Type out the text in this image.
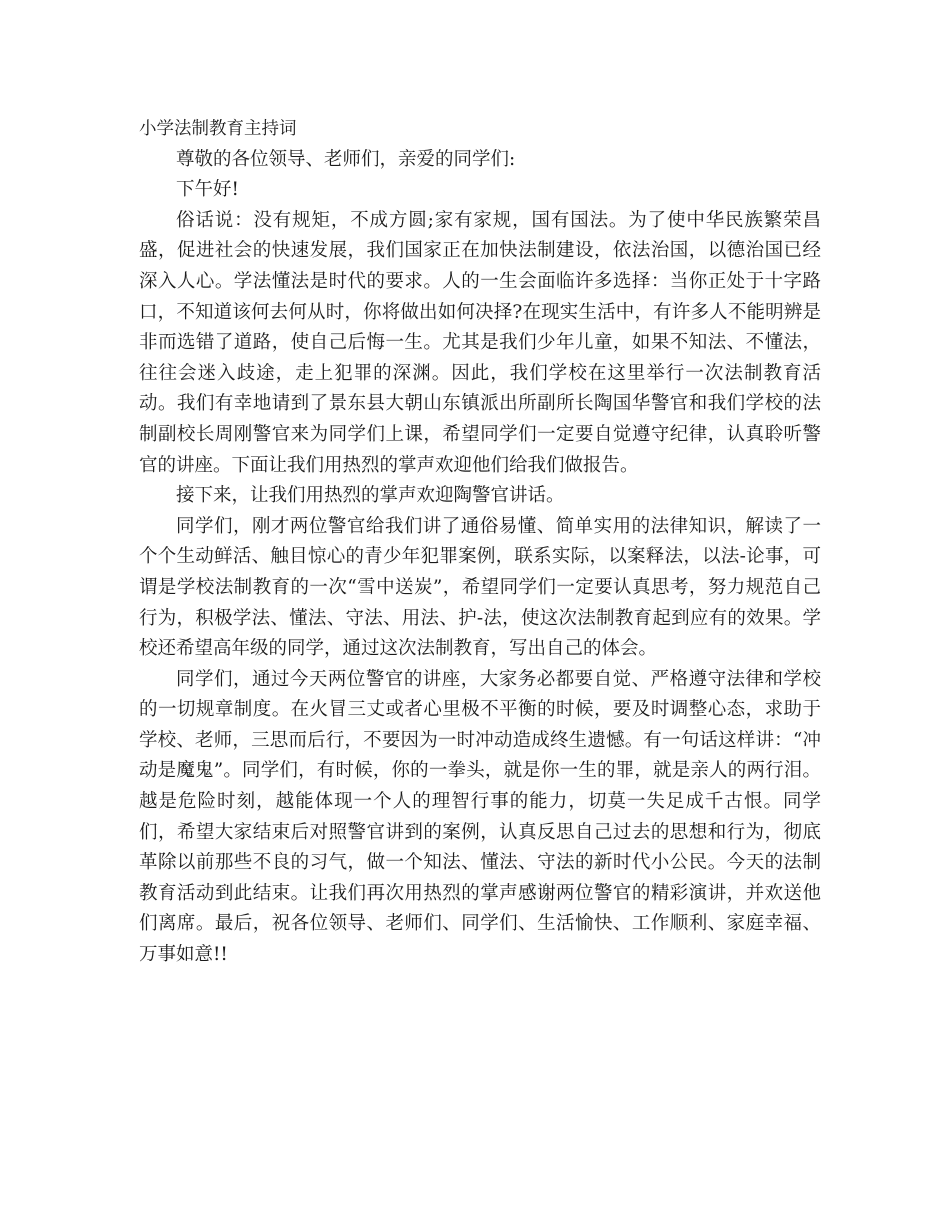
小学法制教育主持词

尊敬的各位领导、老师们，亲爱的同学们:

下午好!

俗话说：没有规矩，不成方圆;家有家规，国有国法。为了使中华民族繁荣昌盛，促进社会的快速发展，我们国家正在加快法制建设，依法治国，以德治国已经深入人心。学法懂法是时代的要求。人的一生会面临许多选择：当你正处于十字路口，不知道该何去何从时，你将做出如何决择?在现实生活中，有许多人不能明辨是非而选错了道路，使自己后悔一生。尤其是我们少年儿童，如果不知法、不懂法，往往会迷入歧途，走上犯罪的深渊。因此，我们学校在这里举行一次法制教育活动。我们有幸地请到了景东县大朝山东镇派出所副所长陶国华警官和我们学校的法制副校长周刚警官来为同学们上课，希望同学们一定要自觉遵守纪律，认真聆听警官的讲座。下面让我们用热烈的掌声欢迎他们给我们做报告。

接下来，让我们用热烈的掌声欢迎陶警官讲话。

同学们，刚才两位警官给我们讲了通俗易懂、简单实用的法律知识，解读了一个个生动鲜活、触目惊心的青少年犯罪案例，联系实际，以案释法，以法-论事，可谓是学校法制教育的一次“雪中送炭”，希望同学们一定要认真思考，努力规范自己行为，积极学法、懂法、守法、用法、护-法，使这次法制教育起到应有的效果。学校还希望高年级的同学，通过这次法制教育，写出自己的体会。

同学们，通过今天两位警官的讲座，大家务必都要自觉、严格遵守法律和学校的一切规章制度。在火冒三丈或者心里极不平衡的时候，要及时调整心态，求助于学校、老师，三思而后行，不要因为一时冲动造成终生遗憾。有一句话这样讲：“冲动是魔鬼”。同学们，有时候，你的一拳头，就是你一生的罪，就是亲人的两行泪。越是危险时刻，越能体现一个人的理智行事的能力，切莫一失足成千古恨。同学们，希望大家结束后对照警官讲到的案例，认真反思自己过去的思想和行为，彻底革除以前那些不良的习气，做一个知法、懂法、守法的新时代小公民。今天的法制教育活动到此结束。让我们再次用热烈的掌声感谢两位警官的精彩演讲，并欢送他们离席。最后，祝各位领导、老师们、同学们、生活愉快、工作顺利、家庭幸福、万事如意!!
